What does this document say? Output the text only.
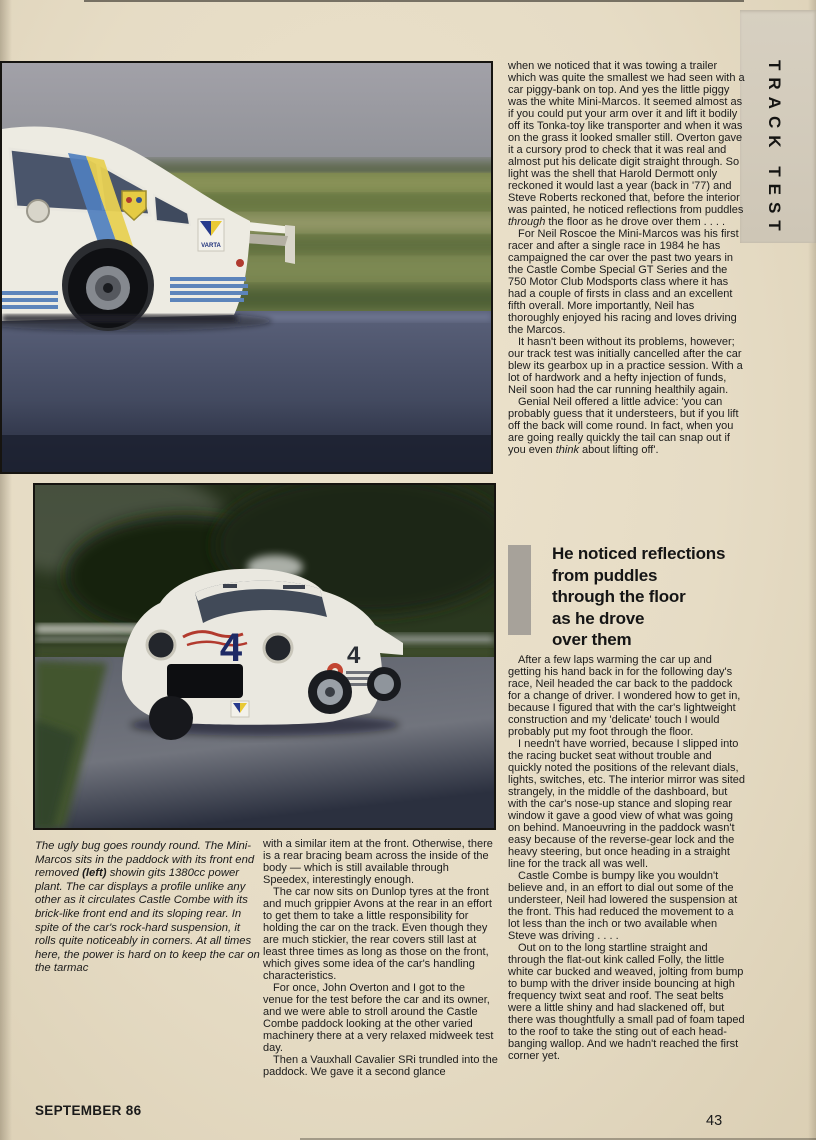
TRACK TEST
VARTA
4	4

The ugly bug goes roundy round. The Mini-Marcos sits in the paddock with its front end removed (left) showin gits 1380cc power plant. The car displays a profile unlike any other as it circulates Castle Combe with its brick-like front end and its sloping rear. In spite of the car's rock-hard suspension, it rolls quite noticeably in corners. At all times here, the power is hard on to keep the car on the tarmac

with a similar item at the front. Otherwise, there is a rear bracing beam across the inside of the body — which is still available through Speedex, interestingly enough.

The car now sits on Dunlop tyres at the front and much grippier Avons at the rear in an effort to get them to take a little responsibility for holding the car on the track. Even though they are much stickier, the rear covers still last at least three times as long as those on the front, which gives some idea of the car's handling characteristics.

For once, John Overton and I got to the venue for the test before the car and its owner, and we were able to stroll around the Castle Combe paddock looking at the other varied machinery there at a very relaxed midweek test day.

Then a Vauxhall Cavalier SRi trundled into the paddock. We gave it a second glance

when we noticed that it was towing a trailer which was quite the smallest we had seen with a car piggy-bank on top. And yes the little piggy was the white Mini-Marcos. It seemed almost as if you could put your arm over it and lift it bodily off its Tonka-toy like transporter and when it was on the grass it looked smaller still. Overton gave it a cursory prod to check that it was real and almost put his delicate digit straight through. So light was the shell that Harold Dermott only reckoned it would last a year (back in '77) and Steve Roberts reckoned that, before the interior was painted, he noticed reflections from puddles through the floor as he drove over them . . . .

For Neil Roscoe the Mini-Marcos was his first racer and after a single race in 1984 he has campaigned the car over the past two years in the Castle Combe Special GT Series and the 750 Motor Club Modsports class where it has had a couple of firsts in class and an excellent fifth overall. More importantly, Neil has thoroughly enjoyed his racing and loves driving the Marcos.

It hasn't been without its problems, however; our track test was initially cancelled after the car blew its gearbox up in a practice session. With a lot of hardwork and a hefty injection of funds, Neil soon had the car running healthily again.

Genial Neil offered a little advice: 'you can probably guess that it understeers, but if you lift off the back will come round. In fact, when you are going really quickly the tail can snap out if you even think about lifting off'.

He noticed reflections
from puddles
through the floor
as he drove
over them

After a few laps warming the car up and getting his hand back in for the following day's race, Neil headed the car back to the paddock for a change of driver. I wondered how to get in, because I figured that with the car's lightweight construction and my 'delicate' touch I would probably put my foot through the floor.

I needn't have worried, because I slipped into the racing bucket seat without trouble and quickly noted the positions of the relevant dials, lights, switches, etc. The interior mirror was sited strangely, in the middle of the dashboard, but with the car's nose-up stance and sloping rear window it gave a good view of what was going on behind. Manoeuvring in the paddock wasn't easy because of the reverse-gear lock and the heavy steering, but once heading in a straight line for the track all was well.

Castle Combe is bumpy like you wouldn't believe and, in an effort to dial out some of the understeer, Neil had lowered the suspension at the front. This had reduced the movement to a lot less than the inch or two available when Steve was driving . . . .

Out on to the long startline straight and through the flat-out kink called Folly, the little white car bucked and weaved, jolting from bump to bump with the driver inside bouncing at high frequency twixt seat and roof. The seat belts were a little shiny and had slackened off, but there was thoughtfully a small pad of foam taped to the roof to take the sting out of each head-banging wallop. And we hadn't reached the first corner yet.

SEPTEMBER 86
43
